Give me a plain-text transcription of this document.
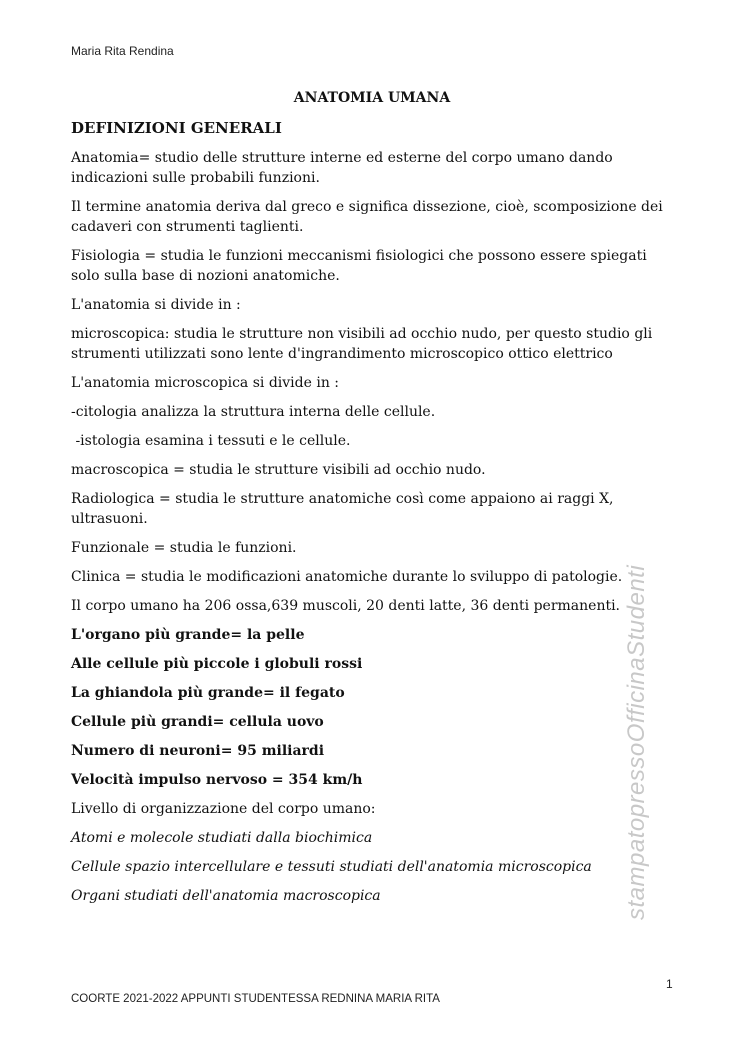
Maria Rita Rendina
ANATOMIA UMANA

DEFINIZIONI GENERALI

Anatomia= studio delle strutture interne ed esterne del corpo umano dando indicazioni sulle probabili funzioni.

Il termine anatomia deriva dal greco e significa dissezione, cioè, scomposizione dei cadaveri con strumenti taglienti.

Fisiologia = studia le funzioni meccanismi fisiologici che possono essere spiegati solo sulla base di nozioni anatomiche.

L'anatomia si divide in :

microscopica: studia le strutture non visibili ad occhio nudo, per questo studio gli strumenti utilizzati sono lente d'ingrandimento microscopico ottico elettrico

L'anatomia microscopica si divide in :

-citologia analizza la struttura interna delle cellule.

-istologia esamina i tessuti e le cellule.

macroscopica = studia le strutture visibili ad occhio nudo.

Radiologica = studia le strutture anatomiche così come appaiono ai raggi X, ultrasuoni.

Funzionale = studia le funzioni.

Clinica = studia le modificazioni anatomiche durante lo sviluppo di patologie.

Il corpo umano ha 206 ossa,639 muscoli, 20 denti latte, 36 denti permanenti.

L'organo più grande= la pelle

Alle cellule più piccole i globuli rossi

La ghiandola più grande= il fegato

Cellule più grandi= cellula uovo

Numero di neuroni= 95 miliardi

Velocità impulso nervoso = 354 km/h

Livello di organizzazione del corpo umano:

Atomi e molecole studiati dalla biochimica

Cellule spazio intercellulare e tessuti studiati dell'anatomia microscopica

Organi studiati dell'anatomia macroscopica	stampatopressoOfficinaStudenti
1
COORTE 2021-2022 APPUNTI STUDENTESSA REDNINA MARIA RITA
